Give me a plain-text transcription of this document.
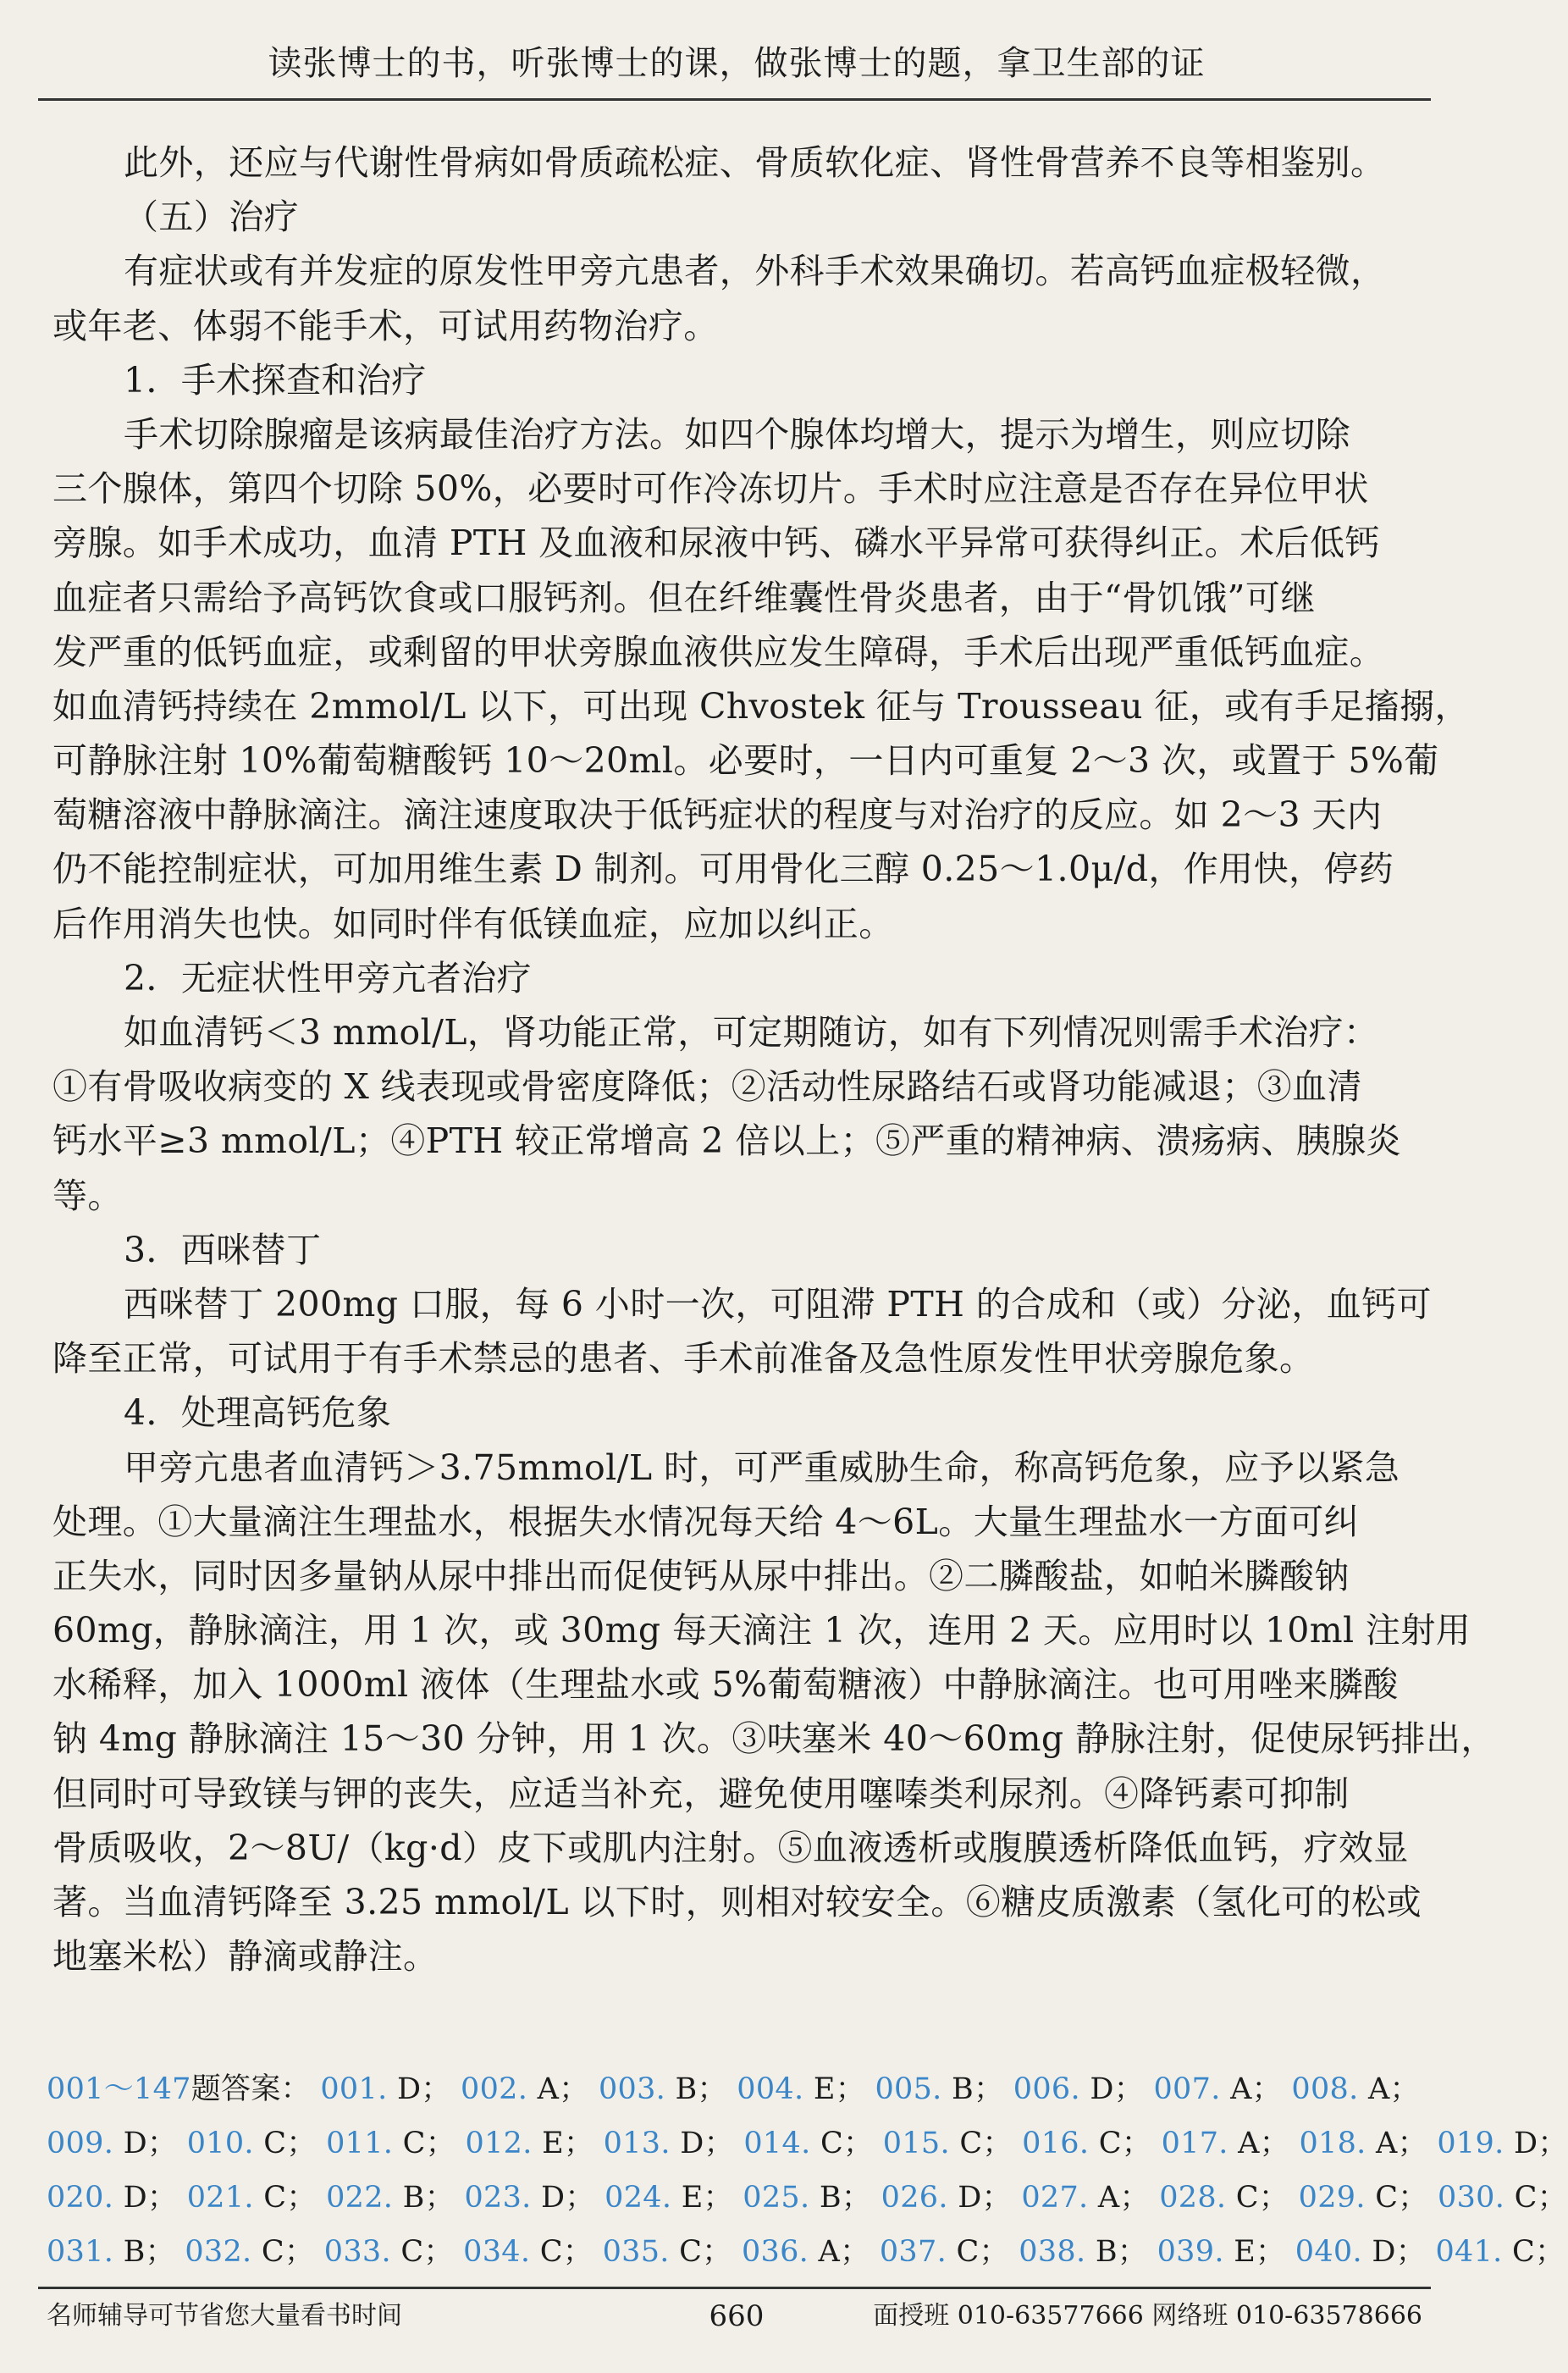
读张博士的书，听张博士的课，做张博士的题，拿卫生部的证
此外，还应与代谢性骨病如骨质疏松症、骨质软化症、肾性骨营养不良等相鉴别。
（五）治疗
有症状或有并发症的原发性甲旁亢患者，外科手术效果确切。若高钙血症极轻微，
或年老、体弱不能手术，可试用药物治疗。
1．手术探查和治疗
手术切除腺瘤是该病最佳治疗方法。如四个腺体均增大，提示为增生，则应切除
三个腺体，第四个切除 50%，必要时可作冷冻切片。手术时应注意是否存在异位甲状
旁腺。如手术成功，血清 PTH 及血液和尿液中钙、磷水平异常可获得纠正。术后低钙
血症者只需给予高钙饮食或口服钙剂。但在纤维囊性骨炎患者，由于“骨饥饿”可继
发严重的低钙血症，或剩留的甲状旁腺血液供应发生障碍，手术后出现严重低钙血症。
如血清钙持续在 2mmol/L 以下，可出现 Chvostek 征与 Trousseau 征，或有手足搐搦，
可静脉注射 10%葡萄糖酸钙 10～20ml。必要时，一日内可重复 2～3 次，或置于 5%葡
萄糖溶液中静脉滴注。滴注速度取决于低钙症状的程度与对治疗的反应。如 2～3 天内
仍不能控制症状，可加用维生素 D 制剂。可用骨化三醇 0.25～1.0μ/d，作用快，停药
后作用消失也快。如同时伴有低镁血症，应加以纠正。
2．无症状性甲旁亢者治疗
如血清钙＜3 mmol/L，肾功能正常，可定期随访，如有下列情况则需手术治疗：
①有骨吸收病变的 X 线表现或骨密度降低；②活动性尿路结石或肾功能减退；③血清
钙水平≥3 mmol/L；④PTH 较正常增高 2 倍以上；⑤严重的精神病、溃疡病、胰腺炎
等。
3．西咪替丁
西咪替丁 200mg 口服，每 6 小时一次，可阻滞 PTH 的合成和（或）分泌，血钙可
降至正常，可试用于有手术禁忌的患者、手术前准备及急性原发性甲状旁腺危象。
4．处理高钙危象
甲旁亢患者血清钙＞3.75mmol/L 时，可严重威胁生命，称高钙危象，应予以紧急
处理。①大量滴注生理盐水，根据失水情况每天给 4～6L。大量生理盐水一方面可纠
正失水，同时因多量钠从尿中排出而促使钙从尿中排出。②二膦酸盐，如帕米膦酸钠
60mg，静脉滴注，用 1 次，或 30mg 每天滴注 1 次，连用 2 天。应用时以 10ml 注射用
水稀释，加入 1000ml 液体（生理盐水或 5%葡萄糖液）中静脉滴注。也可用唑来膦酸
钠 4mg 静脉滴注 15～30 分钟，用 1 次。③呋塞米 40～60mg 静脉注射，促使尿钙排出，
但同时可导致镁与钾的丧失，应适当补充，避免使用噻嗪类利尿剂。④降钙素可抑制
骨质吸收，2～8U/（kg·d）皮下或肌内注射。⑤血液透析或腹膜透析降低血钙，疗效显
著。当血清钙降至 3.25 mmol/L 以下时，则相对较安全。⑥糖皮质激素（氢化可的松或
地塞米松）静滴或静注。
001～147题答案： 001. D； 002. A； 003. B； 004. E； 005. B； 006. D； 007. A； 008. A；
009. D； 010. C； 011. C； 012. E； 013. D； 014. C； 015. C； 016. C； 017. A； 018. A； 019. D；
020. D； 021. C； 022. B； 023. D； 024. E； 025. B； 026. D； 027. A； 028. C； 029. C； 030. C；
031. B； 032. C； 033. C； 034. C； 035. C； 036. A； 037. C； 038. B； 039. E； 040. D； 041. C；
名师辅导可节省您大量看书时间	660	面授班 010-63577666 网络班 010-63578666
